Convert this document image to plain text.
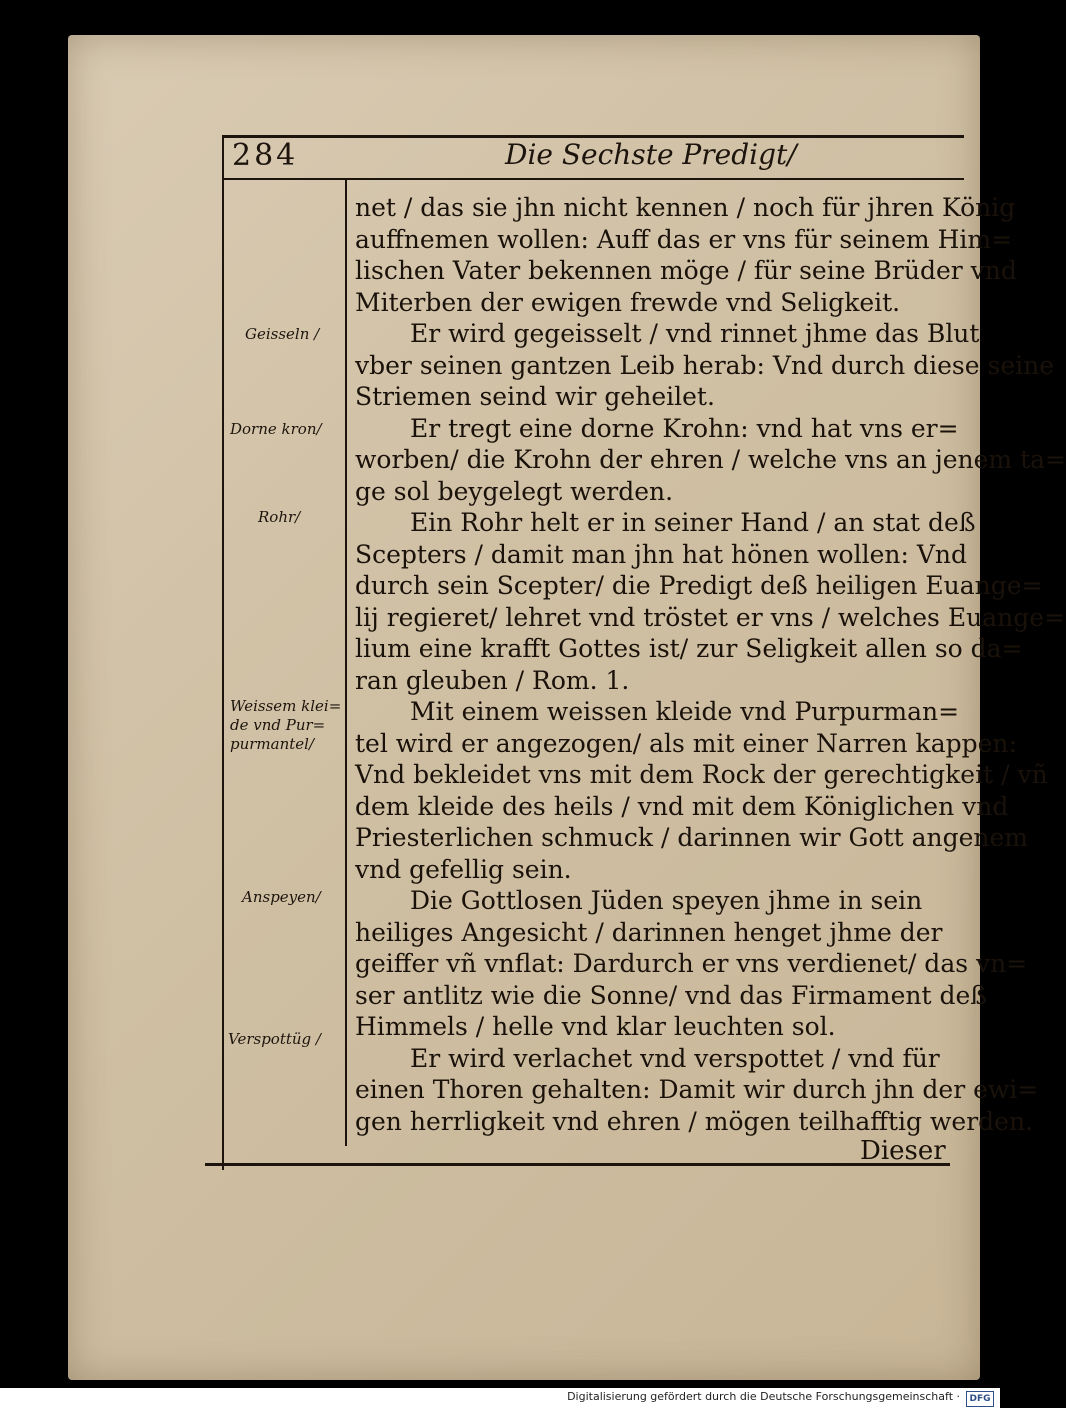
284	Die Sechste Predigt/
net / das sie jhn nicht kennen / noch für jhren König
auffnemen wollen: Auff das er vns für seinem Him=
lischen Vater bekennen möge / für seine Brüder vnd
Miterben der ewigen frewde vnd Seligkeit.
Er wird gegeisselt / vnd rinnet jhme das Blut
vber seinen gantzen Leib herab: Vnd durch diese seine
Striemen seind wir geheilet.
Er tregt eine dorne Krohn: vnd hat vns er=
worben/ die Krohn der ehren / welche vns an jenem ta=
ge sol beygelegt werden.
Ein Rohr helt er in seiner Hand / an stat deß
Scepters / damit man jhn hat hönen wollen: Vnd
durch sein Scepter/ die Predigt deß heiligen Euange=
lij regieret/ lehret vnd tröstet er vns / welches Euange=
lium eine krafft Gottes ist/ zur Seligkeit allen so da=
ran gleuben / Rom. 1.
Mit einem weissen kleide vnd Purpurman=
tel wird er angezogen/ als mit einer Narren kappen:
Vnd bekleidet vns mit dem Rock der gerechtigkeit / vñ
dem kleide des heils / vnd mit dem Königlichen vnd
Priesterlichen schmuck / darinnen wir Gott angenem
vnd gefellig sein.
Die Gottlosen Jüden speyen jhme in sein
heiliges Angesicht / darinnen henget jhme der
geiffer vñ vnflat: Dardurch er vns verdienet/ das vn=
ser antlitz wie die Sonne/ vnd das Firmament deß
Himmels / helle vnd klar leuchten sol.
Er wird verlachet vnd verspottet / vnd für
einen Thoren gehalten: Damit wir durch jhn der ewi=
gen herrligkeit vnd ehren / mögen teilhafftig werden.
Geisseln /
Dorne kron/
Rohr/
Weissem klei= de vnd Pur= purmantel/
Anspeyen/
Verspottüg /
Dieser
Digitalisierung gefördert durch die Deutsche Forschungsgemeinschaft ·	DFG
